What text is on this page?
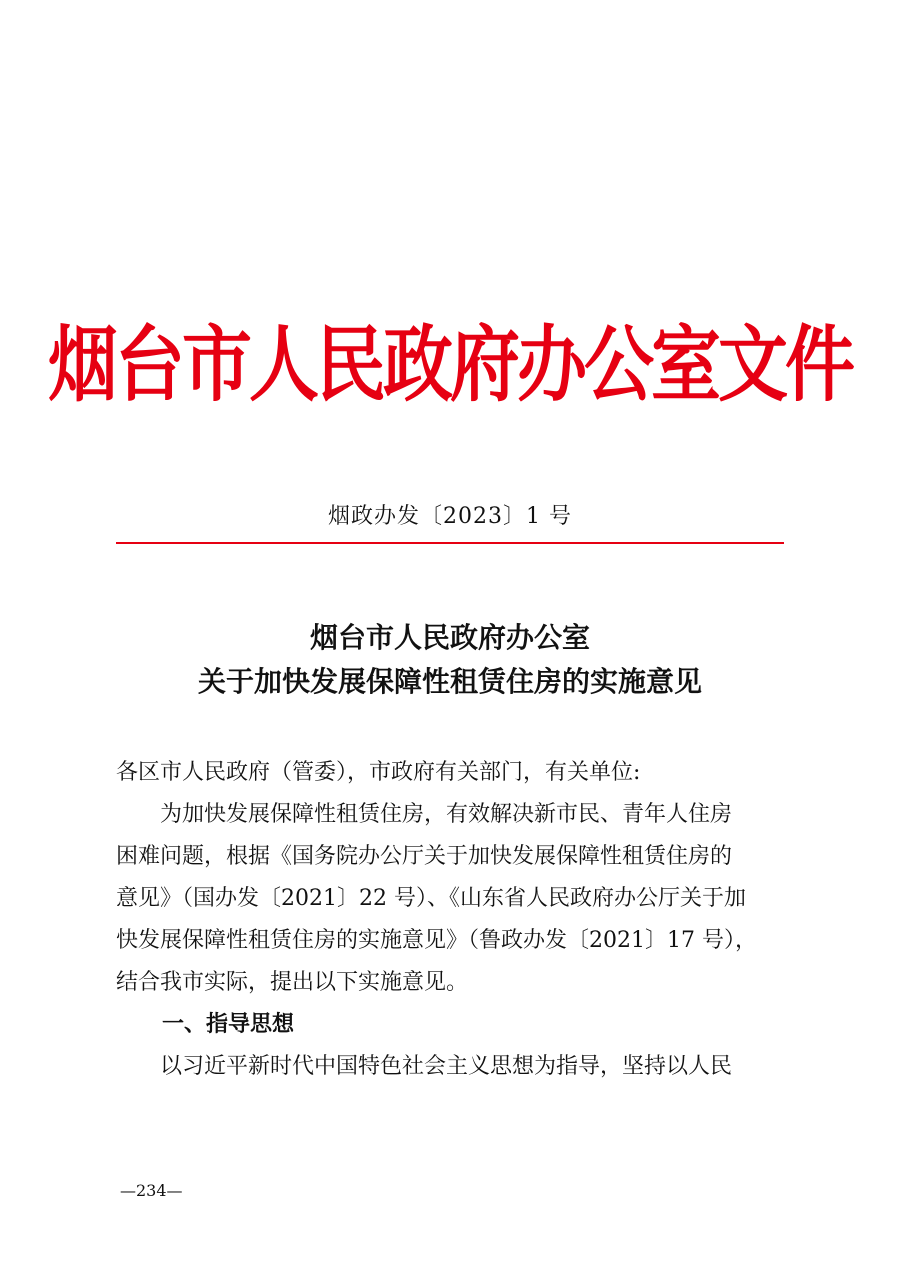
烟台市人民政府办公室文件
烟政办发〔2023〕1 号
烟台市人民政府办公室
关于加快发展保障性租赁住房的实施意见
各区市人民政府（管委），市政府有关部门，有关单位:
为加快发展保障性租赁住房，有效解决新市民、青年人住房
困难问题，根据《国务院办公厅关于加快发展保障性租赁住房的
意见》（国办发〔2021〕22 号）、《山东省人民政府办公厅关于加
快发展保障性租赁住房的实施意见》（鲁政办发〔2021〕17 号），
结合我市实际，提出以下实施意见。
一、指导思想
以习近平新时代中国特色社会主义思想为指导，坚持以人民
—234—
